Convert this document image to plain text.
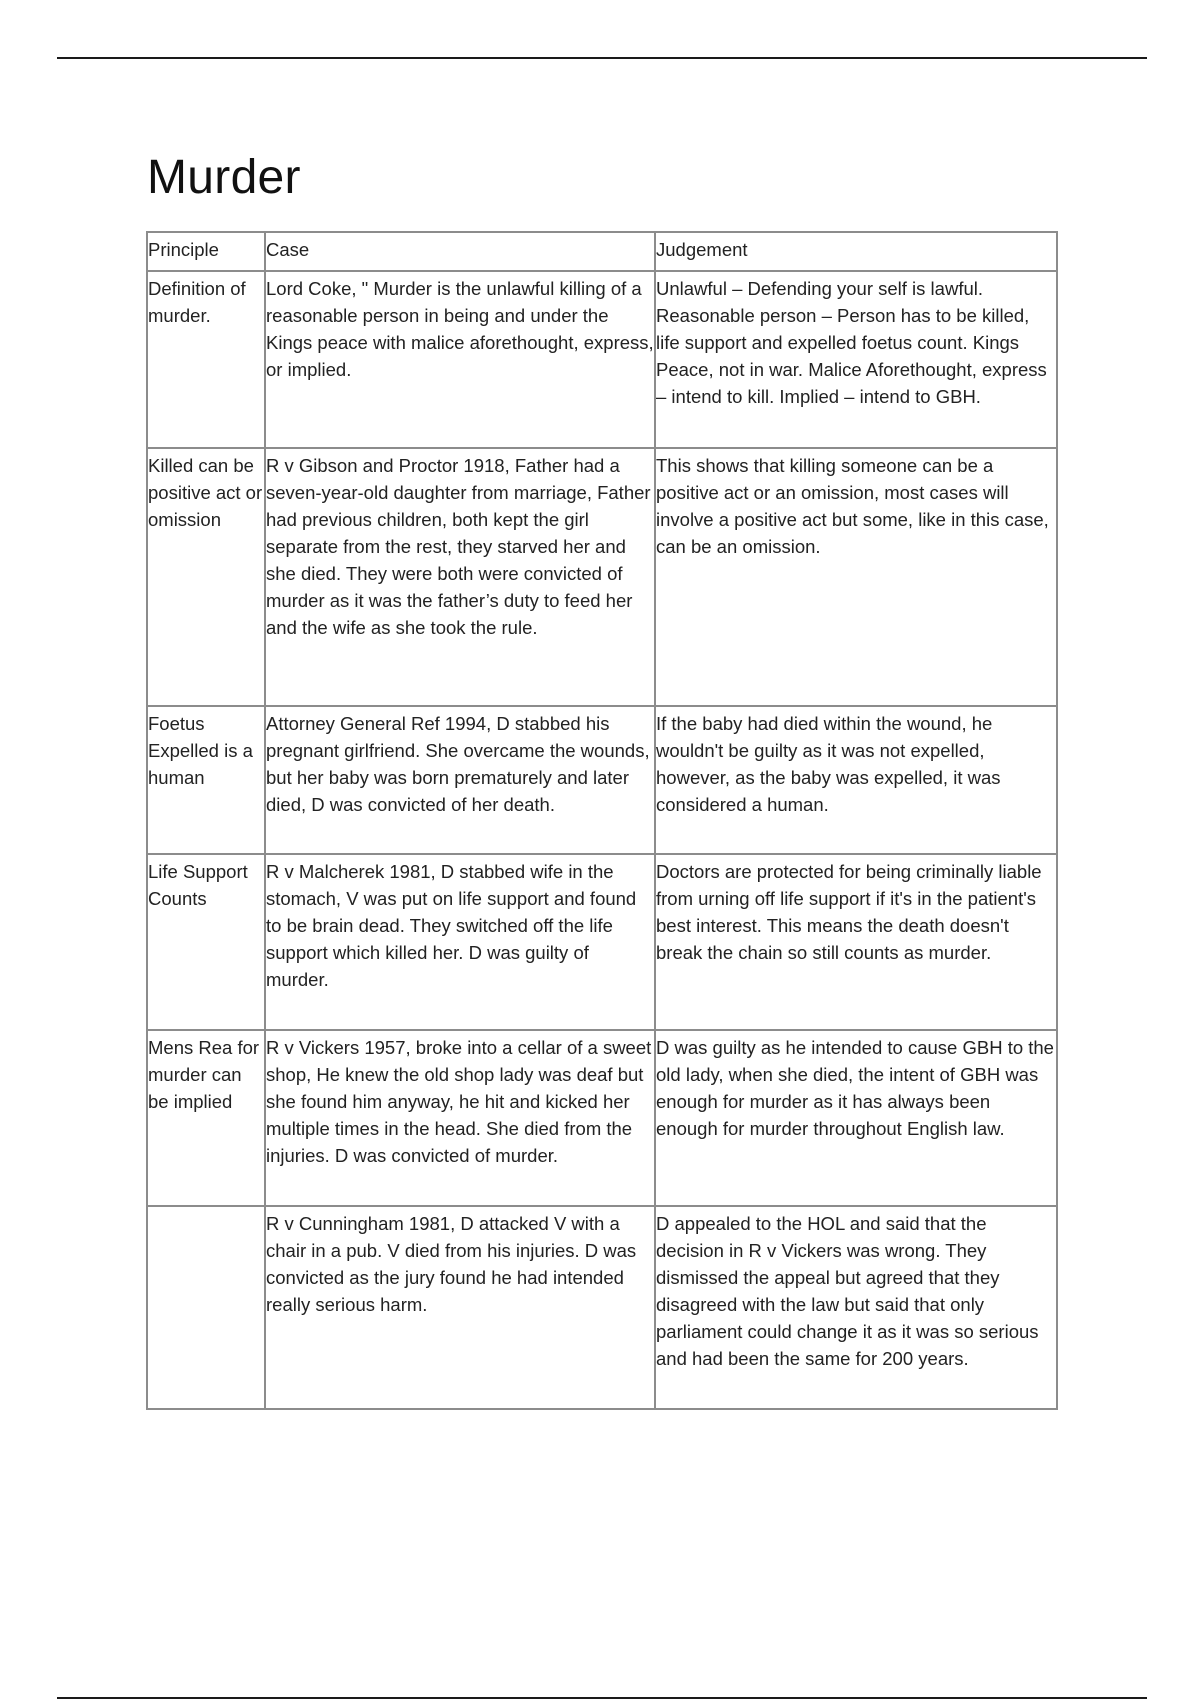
Murder
Principle	Case	Judgement
Definition of murder.	Lord Coke, " Murder is the unlawful killing of a reasonable person in being and under the Kings peace with malice aforethought, express, or implied.	Unlawful – Defending your self is lawful. Reasonable person – Person has to be killed, life support and expelled foetus count. Kings Peace, not in war. Malice Aforethought, express – intend to kill. Implied – intend to GBH.
Killed can be positive act or omission	R v Gibson and Proctor 1918, Father had a seven-year-old daughter from marriage, Father had previous children, both kept the girl separate from the rest, they starved her and she died. They were both were convicted of murder as it was the father’s duty to feed her and the wife as she took the rule.	This shows that killing someone can be a positive act or an omission, most cases will involve a positive act but some, like in this case, can be an omission.
Foetus Expelled is a human	Attorney General Ref 1994, D stabbed his pregnant girlfriend. She overcame the wounds, but her baby was born prematurely and later died, D was convicted of her death.	If the baby had died within the wound, he wouldn't be guilty as it was not expelled, however, as the baby was expelled, it was considered a human.
Life Support Counts	R v Malcherek 1981, D stabbed wife in the stomach, V was put on life support and found to be brain dead. They switched off the life support which killed her. D was guilty of murder.	Doctors are protected for being criminally liable from urning off life support if it's in the patient's best interest. This means the death doesn't break the chain so still counts as murder.
Mens Rea for murder can be implied	R v Vickers 1957, broke into a cellar of a sweet shop, He knew the old shop lady was deaf but she found him anyway, he hit and kicked her multiple times in the head. She died from the injuries. D was convicted of murder.	D was guilty as he intended to cause GBH to the old lady, when she died, the intent of GBH was enough for murder as it has always been enough for murder throughout English law.
	R v Cunningham 1981, D attacked V with a chair in a pub. V died from his injuries. D was convicted as the jury found he had intended really serious harm.	D appealed to the HOL and said that the decision in R v Vickers was wrong. They dismissed the appeal but agreed that they disagreed with the law but said that only parliament could change it as it was so serious and had been the same for 200 years.
